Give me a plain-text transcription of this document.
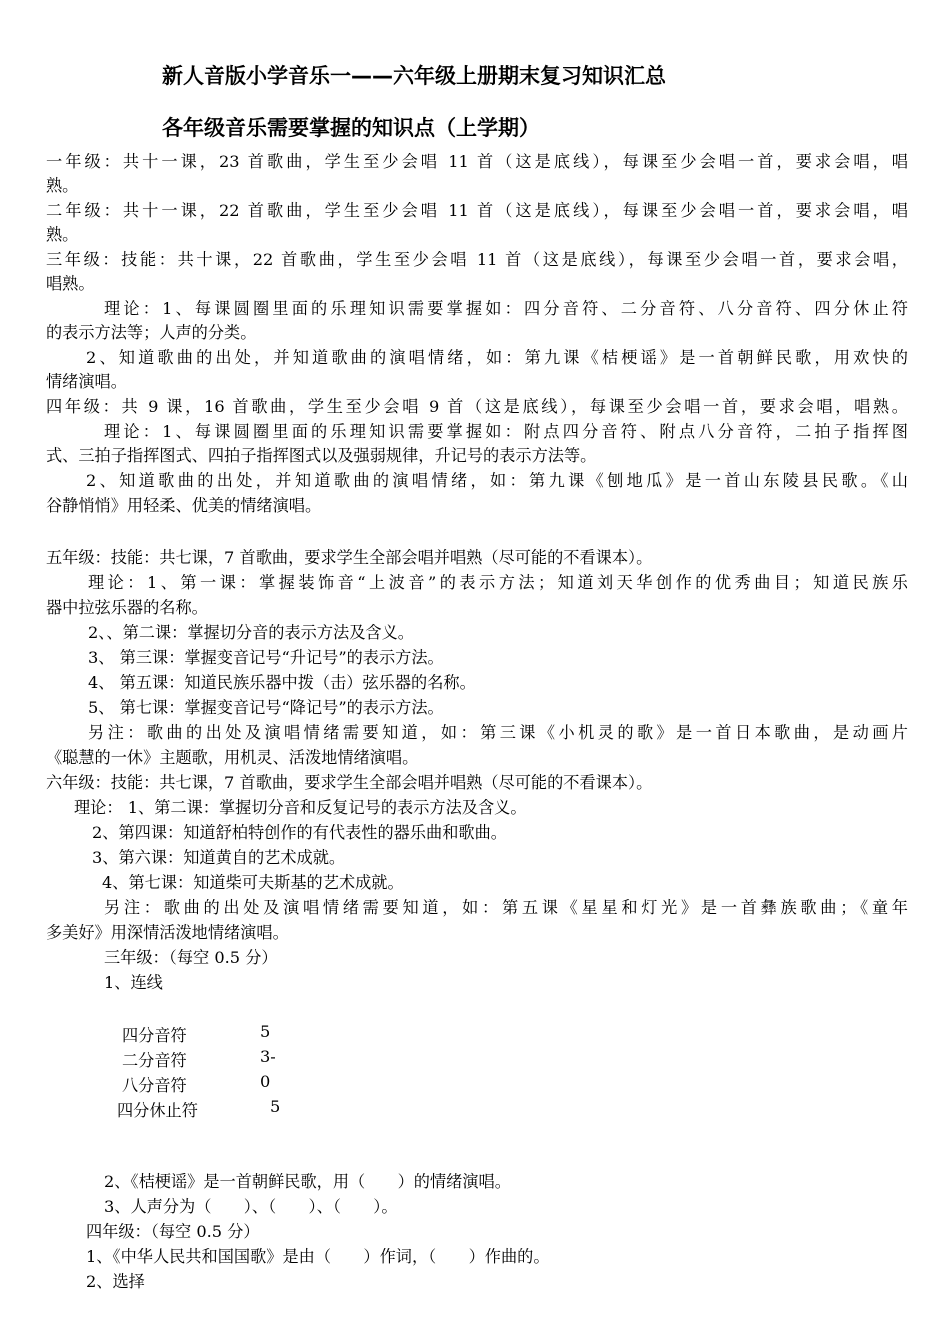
新人音版小学音乐一——六年级上册期末复习知识汇总
各年级音乐需要掌握的知识点（上学期）
一年级：共十一课，23 首歌曲，学生至少会唱 11 首（这是底线），每课至少会唱一首，要求会唱，唱
熟。
二年级：共十一课，22 首歌曲，学生至少会唱 11 首（这是底线），每课至少会唱一首，要求会唱，唱
熟。
三年级：技能：共十课，22 首歌曲，学生至少会唱 11 首（这是底线），每课至少会唱一首，要求会唱，
唱熟。
理论：1、每课圆圈里面的乐理知识需要掌握如：四分音符、二分音符、八分音符、四分休止符
的表示方法等；人声的分类。
2、知道歌曲的出处，并知道歌曲的演唱情绪，如：第九课《桔梗谣》是一首朝鲜民歌，用欢快的
情绪演唱。
四年级：共 9 课，16 首歌曲，学生至少会唱 9 首（这是底线），每课至少会唱一首，要求会唱，唱熟。
理论：1、每课圆圈里面的乐理知识需要掌握如：附点四分音符、附点八分音符，二拍子指挥图
式、三拍子指挥图式、四拍子指挥图式以及强弱规律，升记号的表示方法等。
2、知道歌曲的出处，并知道歌曲的演唱情绪，如：第九课《刨地瓜》是一首山东陵县民歌。《山
谷静悄悄》用轻柔、优美的情绪演唱。
五年级：技能：共七课，7 首歌曲，要求学生全部会唱并唱熟（尽可能的不看课本）。
理论：1、第一课：掌握装饰音“上波音”的表示方法；知道刘天华创作的优秀曲目；知道民族乐
器中拉弦乐器的名称。
2、、第二课：掌握切分音的表示方法及含义。
3、 第三课：掌握变音记号“升记号”的表示方法。
4、 第五课：知道民族乐器中拨（击）弦乐器的名称。
5、 第七课：掌握变音记号“降记号”的表示方法。
另注：歌曲的出处及演唱情绪需要知道，如：第三课《小机灵的歌》是一首日本歌曲，是动画片
《聪慧的一休》主题歌，用机灵、活泼地情绪演唱。
六年级：技能：共七课，7 首歌曲，要求学生全部会唱并唱熟（尽可能的不看课本）。
理论： 1、第二课：掌握切分音和反复记号的表示方法及含义。
2、第四课：知道舒柏特创作的有代表性的器乐曲和歌曲。
3、第六课：知道黄自的艺术成就。
4、第七课：知道柴可夫斯基的艺术成就。
另注：歌曲的出处及演唱情绪需要知道，如：第五课《星星和灯光》是一首彝族歌曲；《童年
多美好》用深情活泼地情绪演唱。
三年级：（每空 0.5 分）
1、连线
四分音符
二分音符
八分音符
四分休止符
5
3-
0
5
2、《桔梗谣》是一首朝鲜民歌，用（　　）的情绪演唱。
3、人声分为（　　）、（　　）、（　　）。
四年级：（每空 0.5 分）
1、《中华人民共和国国歌》是由（　　）作词，（　　）作曲的。
2、选择
